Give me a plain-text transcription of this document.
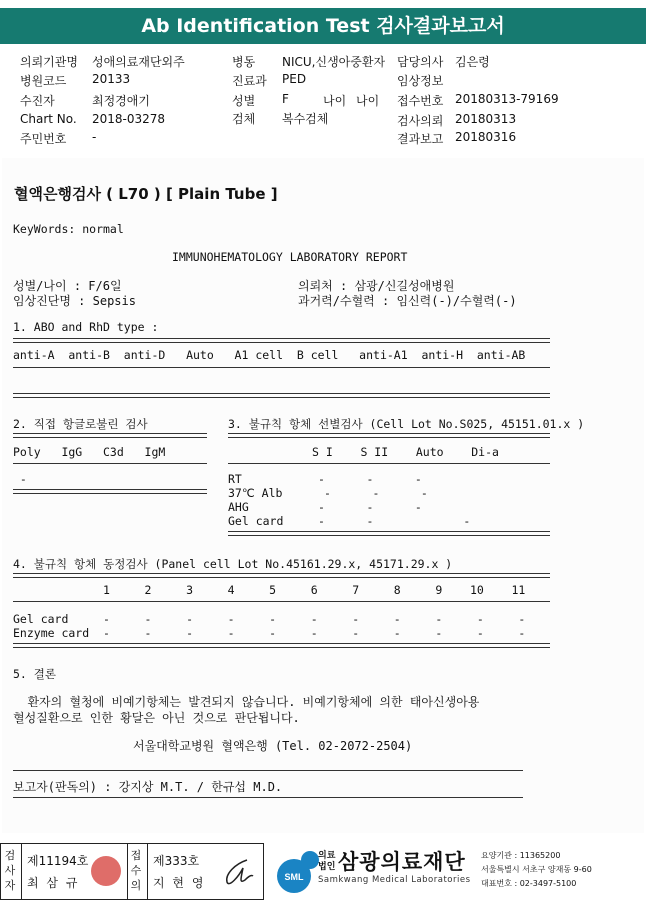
Ab Identification Test 검사결과보고서
의뢰기관명 성애의료재단외주
병원코드 20133
수진자	최정경애기
Chart No. 2018-03278
주민번호 -
병동 NICU,신생아중환자
진료과 PED
성별 F
검체 복수검체
담당의사 김은령
임상정보
접수번호 20180313-79169
검사의뢰 20180313
결과보고 20180316
나이 나이
혈액은행검사 ( L70 ) [ Plain Tube ]
KeyWords: normal
IMMUNOHEMATOLOGY LABORATORY REPORT
성별/나이 : F/6일
임상진단명 : Sepsis
의뢰처 : 삼광/신길성애병원
과거력/수혈력 : 임신력(-)/수혈력(-)
1. ABO and RhD type :
anti-A  anti-B  anti-D   Auto   A1 cell  B cell   anti-A1  anti-H  anti-AB
2. 직접 항글로불린 검사
Poly   IgG   C3d   IgM
-
3. 불규칙 항체 선별검사 (Cell Lot No.S025, 45151.01.x )
S I    S II    Auto    Di-a
RT           -      -      -
37℃ Alb      -      -      -
AHG          -      -      -
Gel card     -      -             -
4. 불규칙 항체 동정검사 (Panel cell Lot No.45161.29.x, 45171.29.x )
1     2     3     4     5     6     7     8     9    10    11
Gel card     -     -     -     -     -     -     -     -     -     -     -
Enzyme card  -     -     -     -     -     -     -     -     -     -     -
5. 결론
환자의 혈청에 비예기항체는 발견되지 않습니다. 비예기항체에 의한 태아신생아용
혈성질환으로 인한 황달은 아닌 것으로 판단됩니다.
서울대학교병원 혈액은행 (Tel. 02-2072-2504)
보고자(판독의) : 강지상 M.T. / 한규섭 M.D.
검사자
제11194호
최 삼 규
접수의
제333호
지 현 영	SML
의료
법인 삼광의료재단
Samkwang Medical Laboratories
요양기관 : 11365200
서울특별시 서초구 양재동 9-60
대표번호 : 02-3497-5100
